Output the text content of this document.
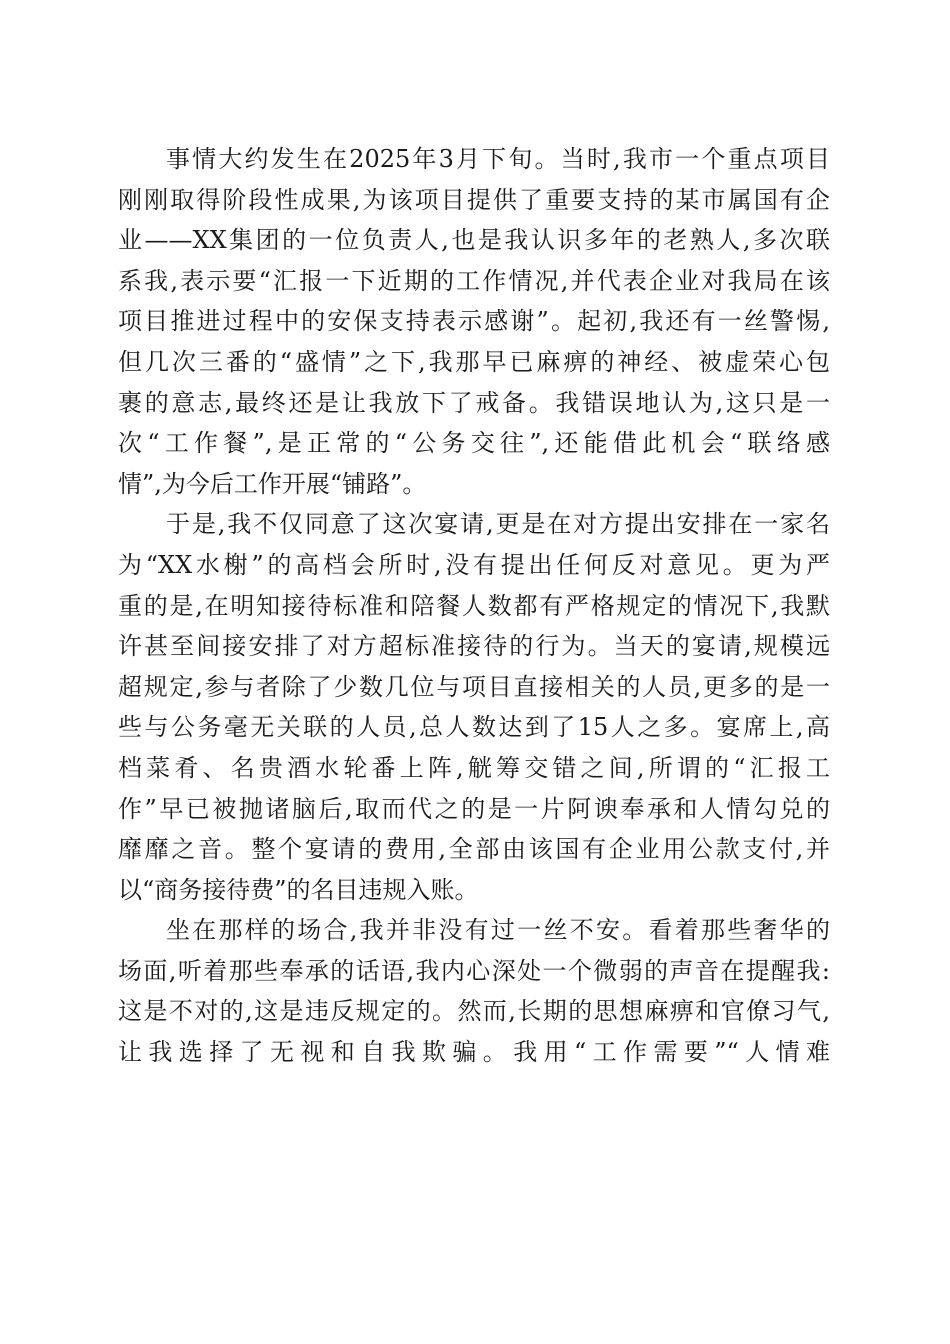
事情大约发生在2025年3月下旬。当时,我市一个重点项目
刚刚取得阶段性成果,为该项目提供了重要支持的某市属国有企
业——XX集团的一位负责人,也是我认识多年的老熟人,多次联
系我,表示要“汇报一下近期的工作情况,并代表企业对我局在该
项目推进过程中的安保支持表示感谢”。起初,我还有一丝警惕,
但几次三番的“盛情”之下,我那早已麻痹的神经、被虚荣心包
裹的意志,最终还是让我放下了戒备。我错误地认为,这只是一
次“工作餐”,是正常的“公务交往”,还能借此机会“联络感
情”,为今后工作开展“铺路”。
于是,我不仅同意了这次宴请,更是在对方提出安排在一家名
为“XX水榭”的高档会所时,没有提出任何反对意见。更为严
重的是,在明知接待标准和陪餐人数都有严格规定的情况下,我默
许甚至间接安排了对方超标准接待的行为。当天的宴请,规模远
超规定,参与者除了少数几位与项目直接相关的人员,更多的是一
些与公务毫无关联的人员,总人数达到了15人之多。宴席上,高
档菜肴、名贵酒水轮番上阵,觥筹交错之间,所谓的“汇报工
作”早已被抛诸脑后,取而代之的是一片阿谀奉承和人情勾兑的
靡靡之音。整个宴请的费用,全部由该国有企业用公款支付,并
以“商务接待费”的名目违规入账。
坐在那样的场合,我并非没有过一丝不安。看着那些奢华的
场面,听着那些奉承的话语,我内心深处一个微弱的声音在提醒我:
这是不对的,这是违反规定的。然而,长期的思想麻痹和官僚习气,
让我选择了无视和自我欺骗。我用“工作需要”“人情难
